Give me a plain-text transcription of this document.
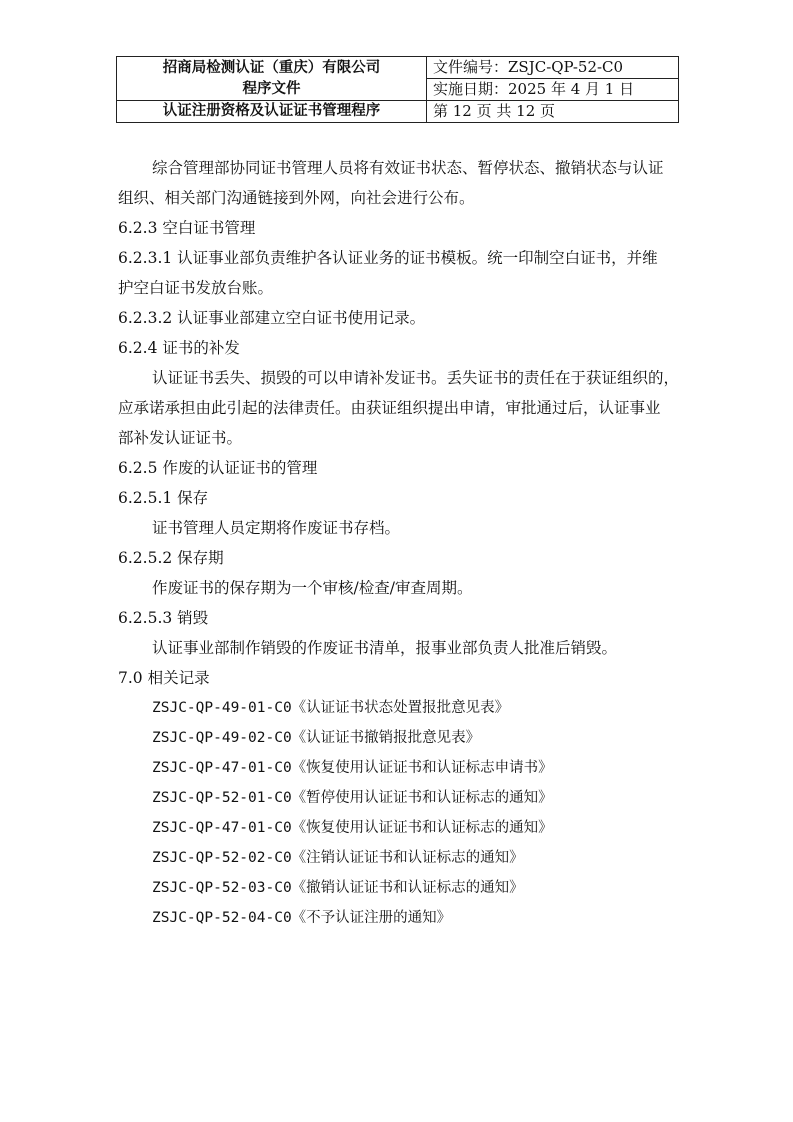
招商局检测认证（重庆）有限公司
程序文件	文件编号：ZSJC-QP-52-C0
	实施日期：2025 年 4 月 1 日
认证注册资格及认证证书管理程序	第 12 页 共 12 页
综合管理部协同证书管理人员将有效证书状态、暂停状态、撤销状态与认证
组织、相关部门沟通链接到外网，向社会进行公布。
6.2.3 空白证书管理
6.2.3.1 认证事业部负责维护各认证业务的证书模板。统一印制空白证书，并维
护空白证书发放台账。
6.2.3.2 认证事业部建立空白证书使用记录。
6.2.4 证书的补发
认证证书丢失、损毁的可以申请补发证书。丢失证书的责任在于获证组织的，
应承诺承担由此引起的法律责任。由获证组织提出申请，审批通过后，认证事业
部补发认证证书。
6.2.5 作废的认证证书的管理
6.2.5.1 保存
证书管理人员定期将作废证书存档。
6.2.5.2 保存期
作废证书的保存期为一个审核/检查/审查周期。
6.2.5.3 销毁
认证事业部制作销毁的作废证书清单，报事业部负责人批准后销毁。
7.0 相关记录
ZSJC-QP-49-01-C0《认证证书状态处置报批意见表》
ZSJC-QP-49-02-C0《认证证书撤销报批意见表》
ZSJC-QP-47-01-C0《恢复使用认证证书和认证标志申请书》
ZSJC-QP-52-01-C0《暂停使用认证证书和认证标志的通知》
ZSJC-QP-47-01-C0《恢复使用认证证书和认证标志的通知》
ZSJC-QP-52-02-C0《注销认证证书和认证标志的通知》
ZSJC-QP-52-03-C0《撤销认证证书和认证标志的通知》
ZSJC-QP-52-04-C0《不予认证注册的通知》
